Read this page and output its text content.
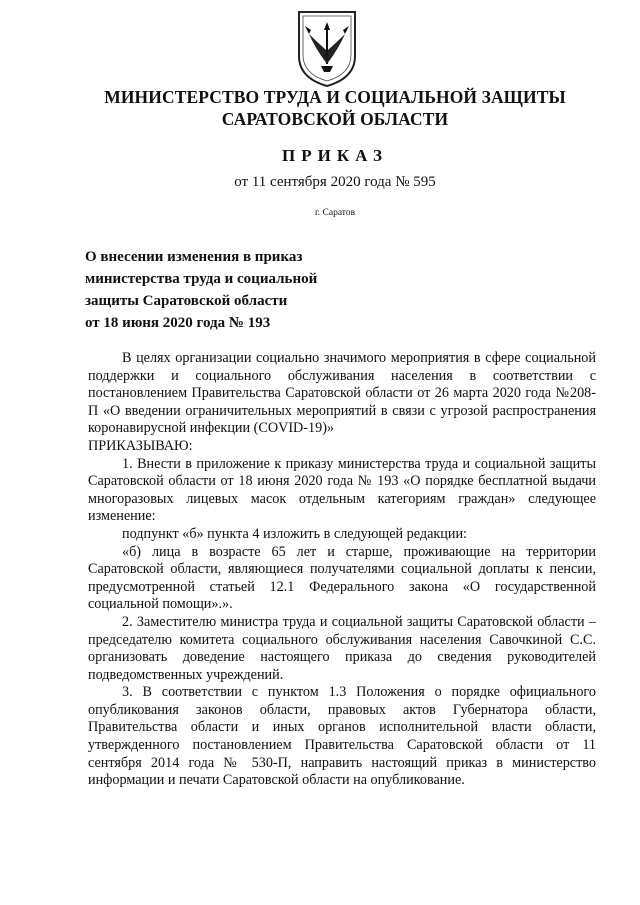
МИНИСТЕРСТВО ТРУДА И СОЦИАЛЬНОЙ ЗАЩИТЫ
САРАТОВСКОЙ ОБЛАСТИ
ПРИКАЗ
от 11 сентября 2020 года № 595
г. Саратов
О внесении изменения в приказ
министерства труда и социальной
защиты Саратовской области
от 18 июня 2020 года № 193

В целях организации социально значимого мероприятия в сфере социальной поддержки и социального обслуживания населения в соответствии с постановлением Правительства Саратовской области от 26 марта 2020 года №208-П «О введении ограничительных мероприятий в связи с угрозой распространения коронавирусной инфекции (COVID-19)»

ПРИКАЗЫВАЮ:

1. Внести в приложение к приказу министерства труда и социальной защиты Саратовской области от 18 июня 2020 года № 193 «О порядке бесплатной выдачи многоразовых лицевых масок отдельным категориям граждан» следующее изменение:

подпункт «б» пункта 4 изложить в следующей редакции:

«б) лица в возрасте 65 лет и старше, проживающие на территории Саратовской области, являющиеся получателями социальной доплаты к пенсии, предусмотренной статьей 12.1 Федерального закона «О государственной социальной помощи».».

2. Заместителю министра труда и социальной защиты Саратовской области – председателю комитета социального обслуживания населения Савочкиной С.С. организовать доведение настоящего приказа до сведения руководителей подведомственных учреждений.

3. В соответствии с пунктом 1.3 Положения о порядке официального опубликования законов области, правовых актов Губернатора области, Правительства области и иных органов исполнительной власти области, утвержденного постановлением Правительства Саратовской области от 11 сентября 2014 года № 530-П, направить настоящий приказ в министерство информации и печати Саратовской области на опубликование.
